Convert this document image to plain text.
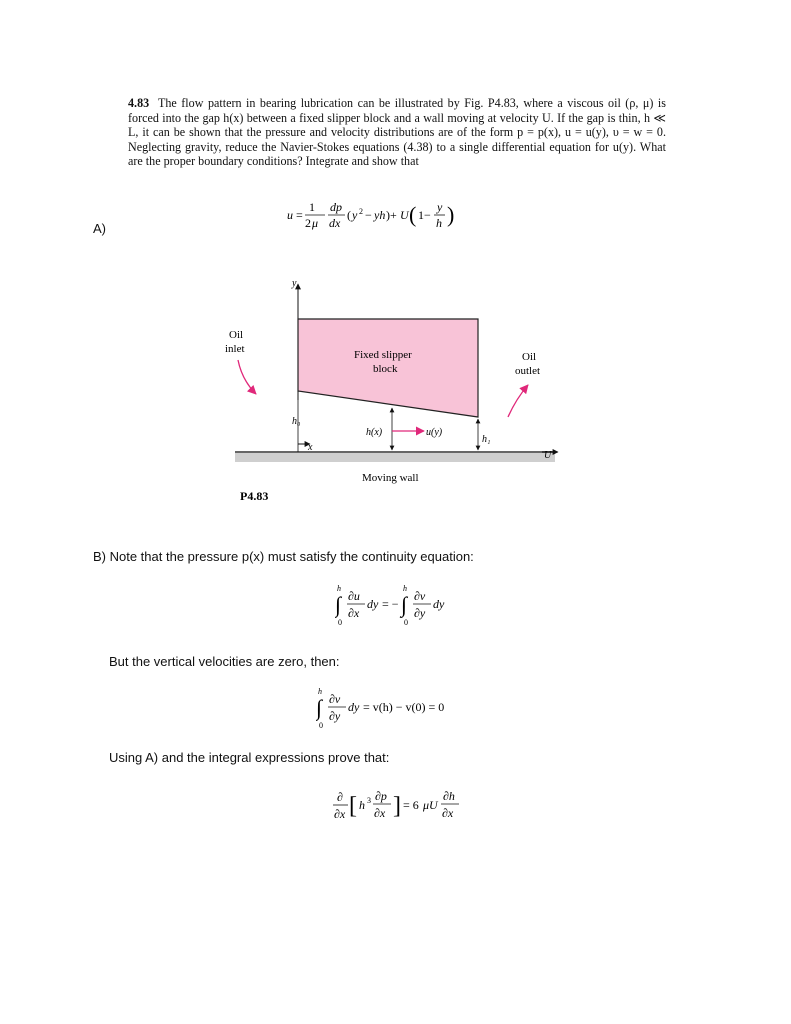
4.83 The flow pattern in bearing lubrication can be illustrated by Fig. P4.83, where a viscous oil (ρ, μ) is forced into the gap h(x) between a fixed slipper block and a wall moving at velocity U. If the gap is thin, h ≪ L, it can be shown that the pressure and velocity distributions are of the form p = p(x), u = u(y), υ = w = 0. Neglecting gravity, reduce the Navier-Stokes equations (4.38) to a single differential equation for u(y). What are the proper boundary conditions? Integrate and show that
u =
1
2 μ
dp
dx
( y 2 − yh )+ U ( 1−
y
h )
A)
U
Moving wall
y
x
Fixed slipper
block
h₀
h₁
h(x)	u(y)
Oil
inlet
Oil
outlet
P4.83
B) Note that the pressure p(x) must satisfy the continuity equation:
h
∫
0
∂u
∂x
dy = −
h
∫
0
∂v
∂y
dy
But the vertical velocities are zero, then:
h
∫
0
∂v
∂y
dy = v(h) − v(0) = 0
Using A) and the integral expressions prove that:
∂
∂x [ h 3 ∂p
∂x ] = 6 μU
∂h
∂x
